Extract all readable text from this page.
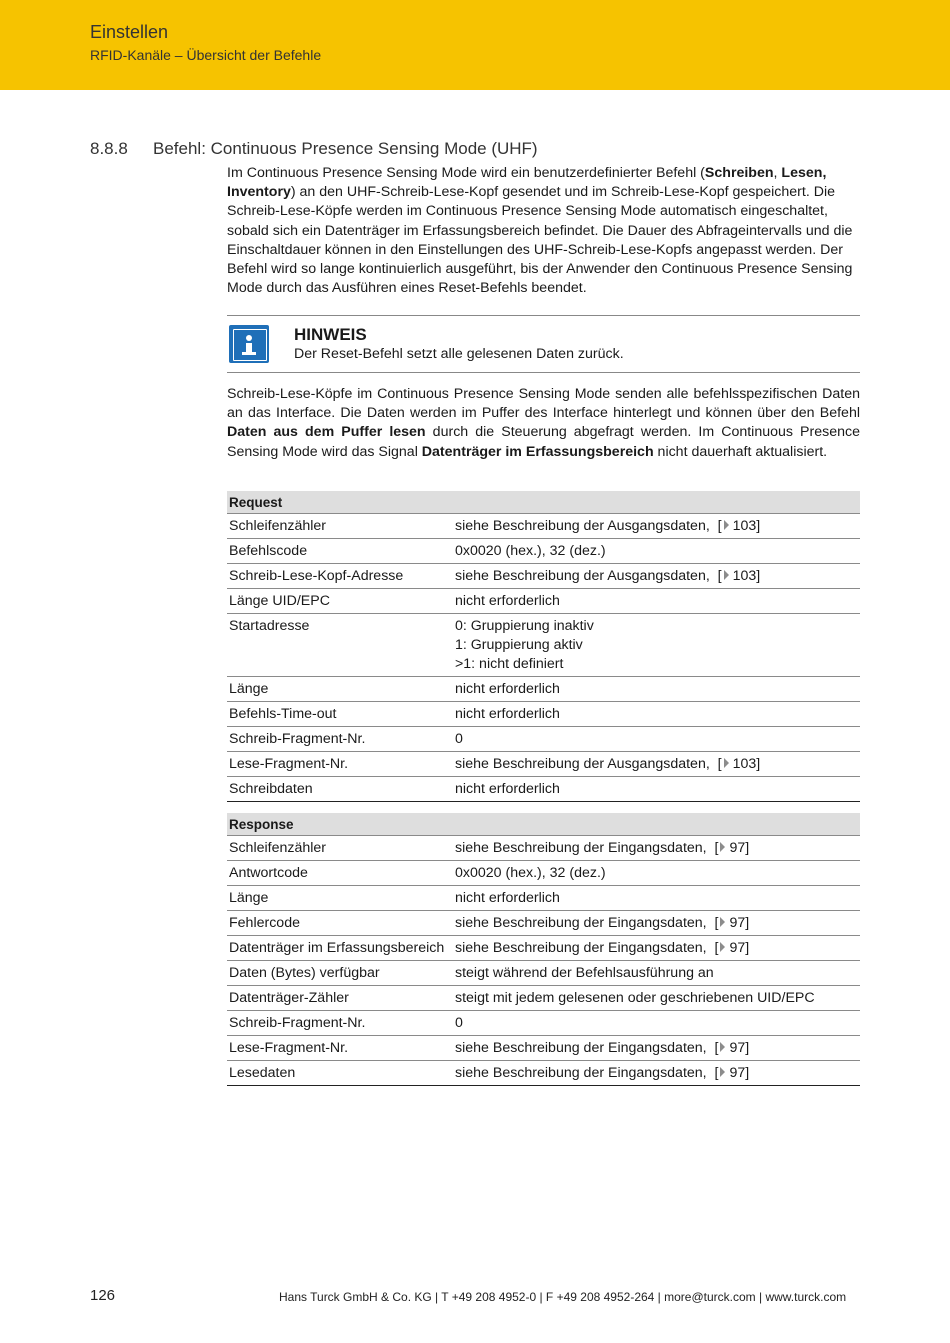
Einstellen
RFID-Kanäle – Übersicht der Befehle
8.8.8 Befehl: Continuous Presence Sensing Mode (UHF)

Im Continuous Presence Sensing Mode wird ein benutzerdefinierter Befehl (Schreiben, Lesen, Inventory) an den UHF-Schreib-Lese-Kopf gesendet und im Schreib-Lese-Kopf gespeichert. Die Schreib-Lese-Köpfe werden im Continuous Presence Sensing Mode automatisch eingeschaltet, sobald sich ein Datenträger im Erfassungsbereich befindet. Die Dauer des Abfrageintervalls und die Einschaltdauer können in den Einstellungen des UHF-Schreib-Lese-Kopfs angepasst werden. Der Befehl wird so lange kontinuierlich ausgeführt, bis der Anwender den Continuous Presence Sensing Mode durch das Ausführen eines Reset-Befehls beendet.

HINWEIS
Der Reset-Befehl setzt alle gelesenen Daten zurück.

Schreib-Lese-Köpfe im Continuous Presence Sensing Mode senden alle befehlsspezifischen Daten an das Interface. Die Daten werden im Puffer des Interface hinterlegt und können über den Befehl Daten aus dem Puffer lesen durch die Steuerung abgefragt werden. Im Continuous Presence Sensing Mode wird das Signal Datenträger im Erfassungsbereich nicht dauerhaft aktualisiert.

Request	
Schleifenzähler	siehe Beschreibung der Ausgangsdaten,  [ 103]
Befehlscode	0x0020 (hex.), 32 (dez.)
Schreib-Lese-Kopf-Adresse	siehe Beschreibung der Ausgangsdaten,  [ 103]
Länge UID/EPC	nicht erforderlich
Startadresse	0: Gruppierung inaktiv
1: Gruppierung aktiv
>1: nicht definiert

Länge	nicht erforderlich
Befehls-Time-out	nicht erforderlich
Schreib-Fragment-Nr.	0
Lese-Fragment-Nr.	siehe Beschreibung der Ausgangsdaten,  [ 103]
Schreibdaten	nicht erforderlich
Response	
Schleifenzähler	siehe Beschreibung der Eingangsdaten,  [ 97]
Antwortcode	0x0020 (hex.), 32 (dez.)
Länge	nicht erforderlich
Fehlercode	siehe Beschreibung der Eingangsdaten,  [ 97]
Datenträger im Erfassungsbereich	siehe Beschreibung der Eingangsdaten,  [ 97]
Daten (Bytes) verfügbar	steigt während der Befehlsausführung an
Datenträger-Zähler	steigt mit jedem gelesenen oder geschriebenen UID/EPC
Schreib-Fragment-Nr.	0
Lese-Fragment-Nr.	siehe Beschreibung der Eingangsdaten,  [ 97]
Lesedaten	siehe Beschreibung der Eingangsdaten,  [ 97]
126	Hans Turck GmbH & Co. KG | T +49 208 4952-0 | F +49 208 4952-264 | more@turck.com | www.turck.com
